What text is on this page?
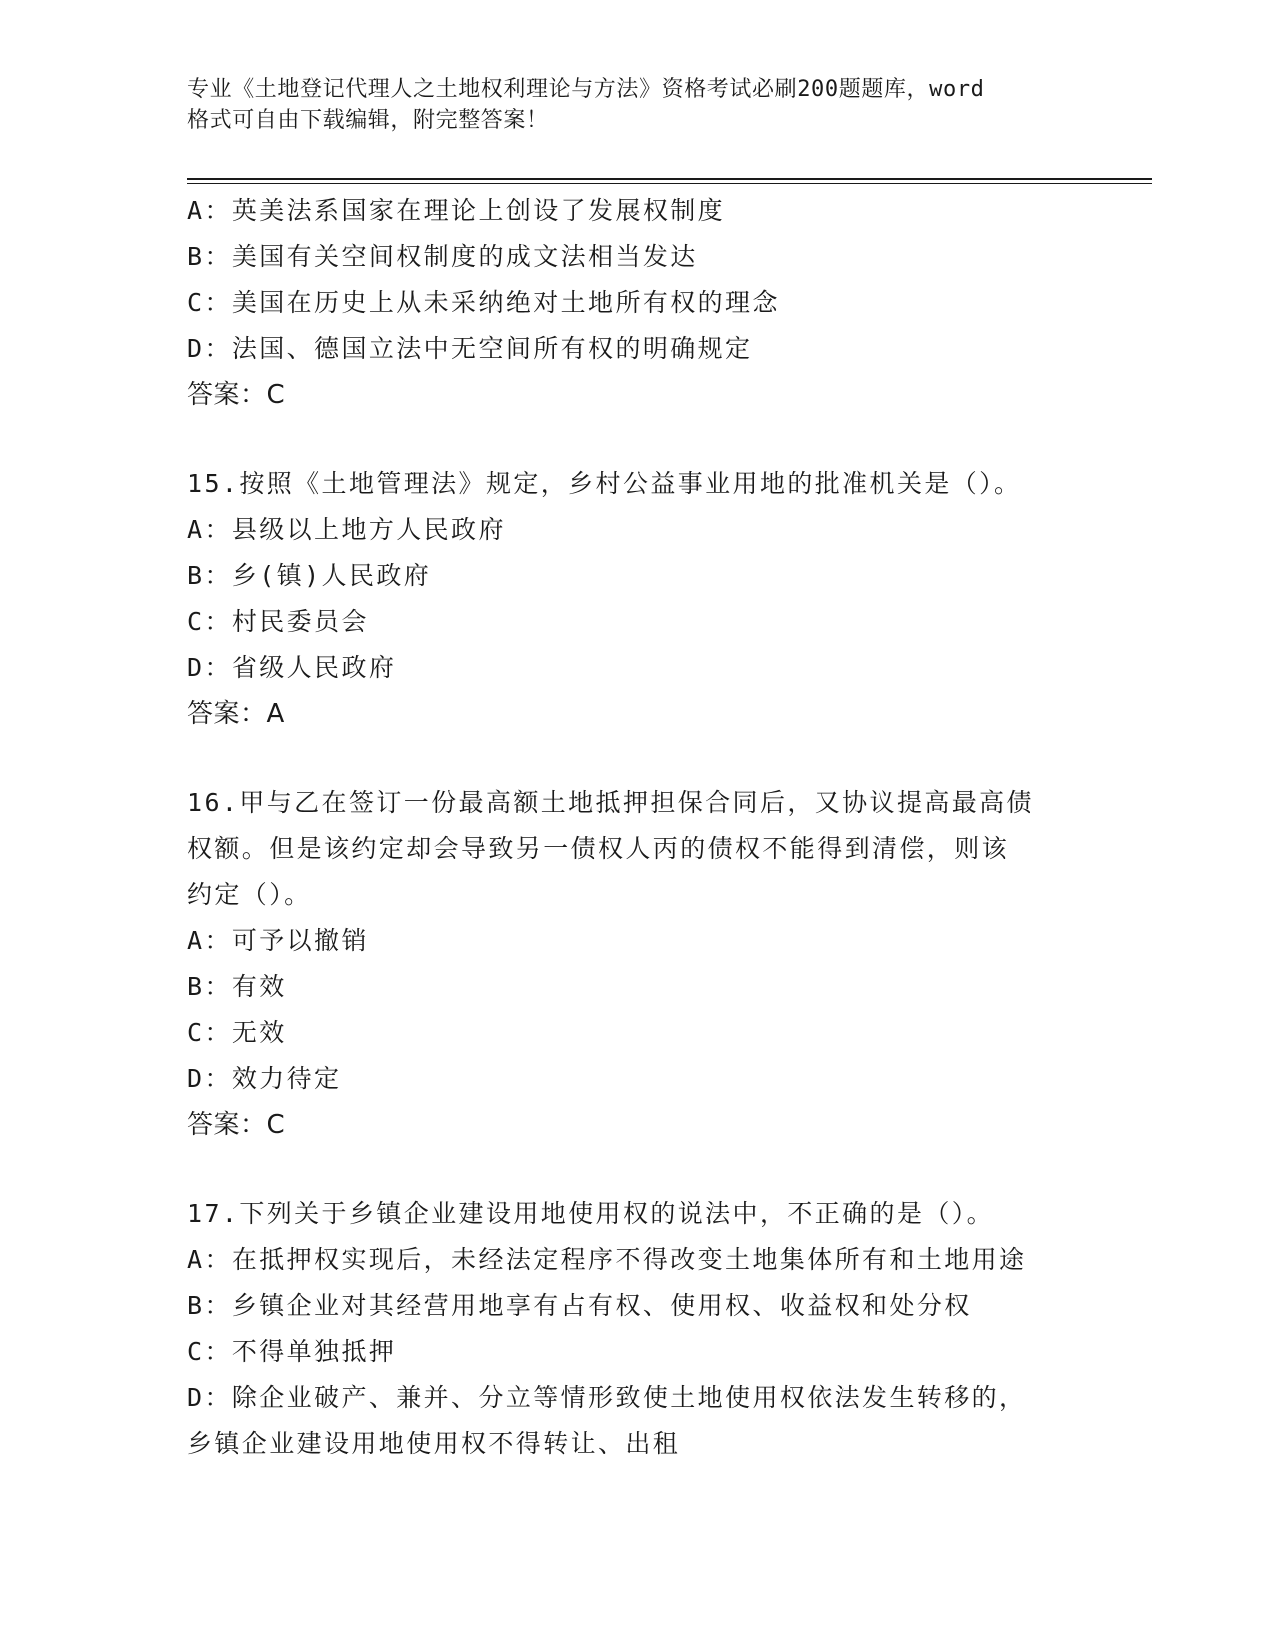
专业《土地登记代理人之土地权利理论与方法》资格考试必刷200题题库，word
格式可自由下载编辑，附完整答案！
A：英美法系国家在理论上创设了发展权制度
B：美国有关空间权制度的成文法相当发达
C：美国在历史上从未采纳绝对土地所有权的理念
D：法国、德国立法中无空间所有权的明确规定
答案：C
15.按照《土地管理法》规定，乡村公益事业用地的批准机关是（）。
A：县级以上地方人民政府
B：乡(镇)人民政府
C：村民委员会
D：省级人民政府
答案：A
16.甲与乙在签订一份最高额土地抵押担保合同后，又协议提高最高债
权额。但是该约定却会导致另一债权人丙的债权不能得到清偿，则该
约定（）。
A：可予以撤销
B：有效
C：无效
D：效力待定
答案：C
17.下列关于乡镇企业建设用地使用权的说法中，不正确的是（）。
A：在抵押权实现后，未经法定程序不得改变土地集体所有和土地用途
B：乡镇企业对其经营用地享有占有权、使用权、收益权和处分权
C：不得单独抵押
D：除企业破产、兼并、分立等情形致使土地使用权依法发生转移的，
乡镇企业建设用地使用权不得转让、出租
